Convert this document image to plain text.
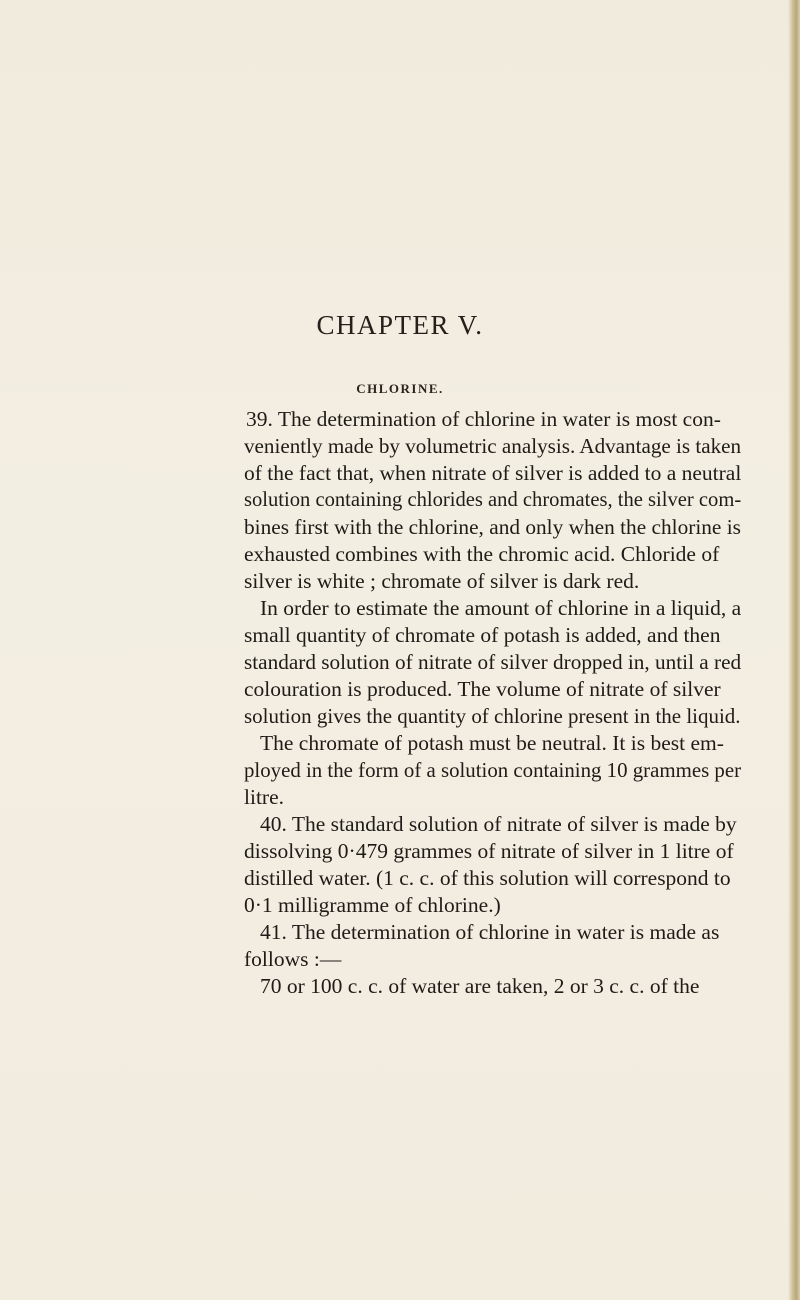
CHAPTER V.
CHLORINE.
39. The determination of chlorine in water is most con-
veniently made by volumetric analysis. Advantage is taken
of the fact that, when nitrate of silver is added to a neutral
solution containing chlorides and chromates, the silver com-
bines first with the chlorine, and only when the chlorine is
exhausted combines with the chromic acid. Chloride of
silver is white ; chromate of silver is dark red.
In order to estimate the amount of chlorine in a liquid, a
small quantity of chromate of potash is added, and then
standard solution of nitrate of silver dropped in, until a red
colouration is produced. The volume of nitrate of silver
solution gives the quantity of chlorine present in the liquid.
The chromate of potash must be neutral. It is best em-
ployed in the form of a solution containing 10 grammes per
litre.
40. The standard solution of nitrate of silver is made by
dissolving 0·479 grammes of nitrate of silver in 1 litre of
distilled water. (1 c. c. of this solution will correspond to
0·1 milligramme of chlorine.)
41. The determination of chlorine in water is made as
follows :—
70 or 100 c. c. of water are taken, 2 or 3 c. c. of the
